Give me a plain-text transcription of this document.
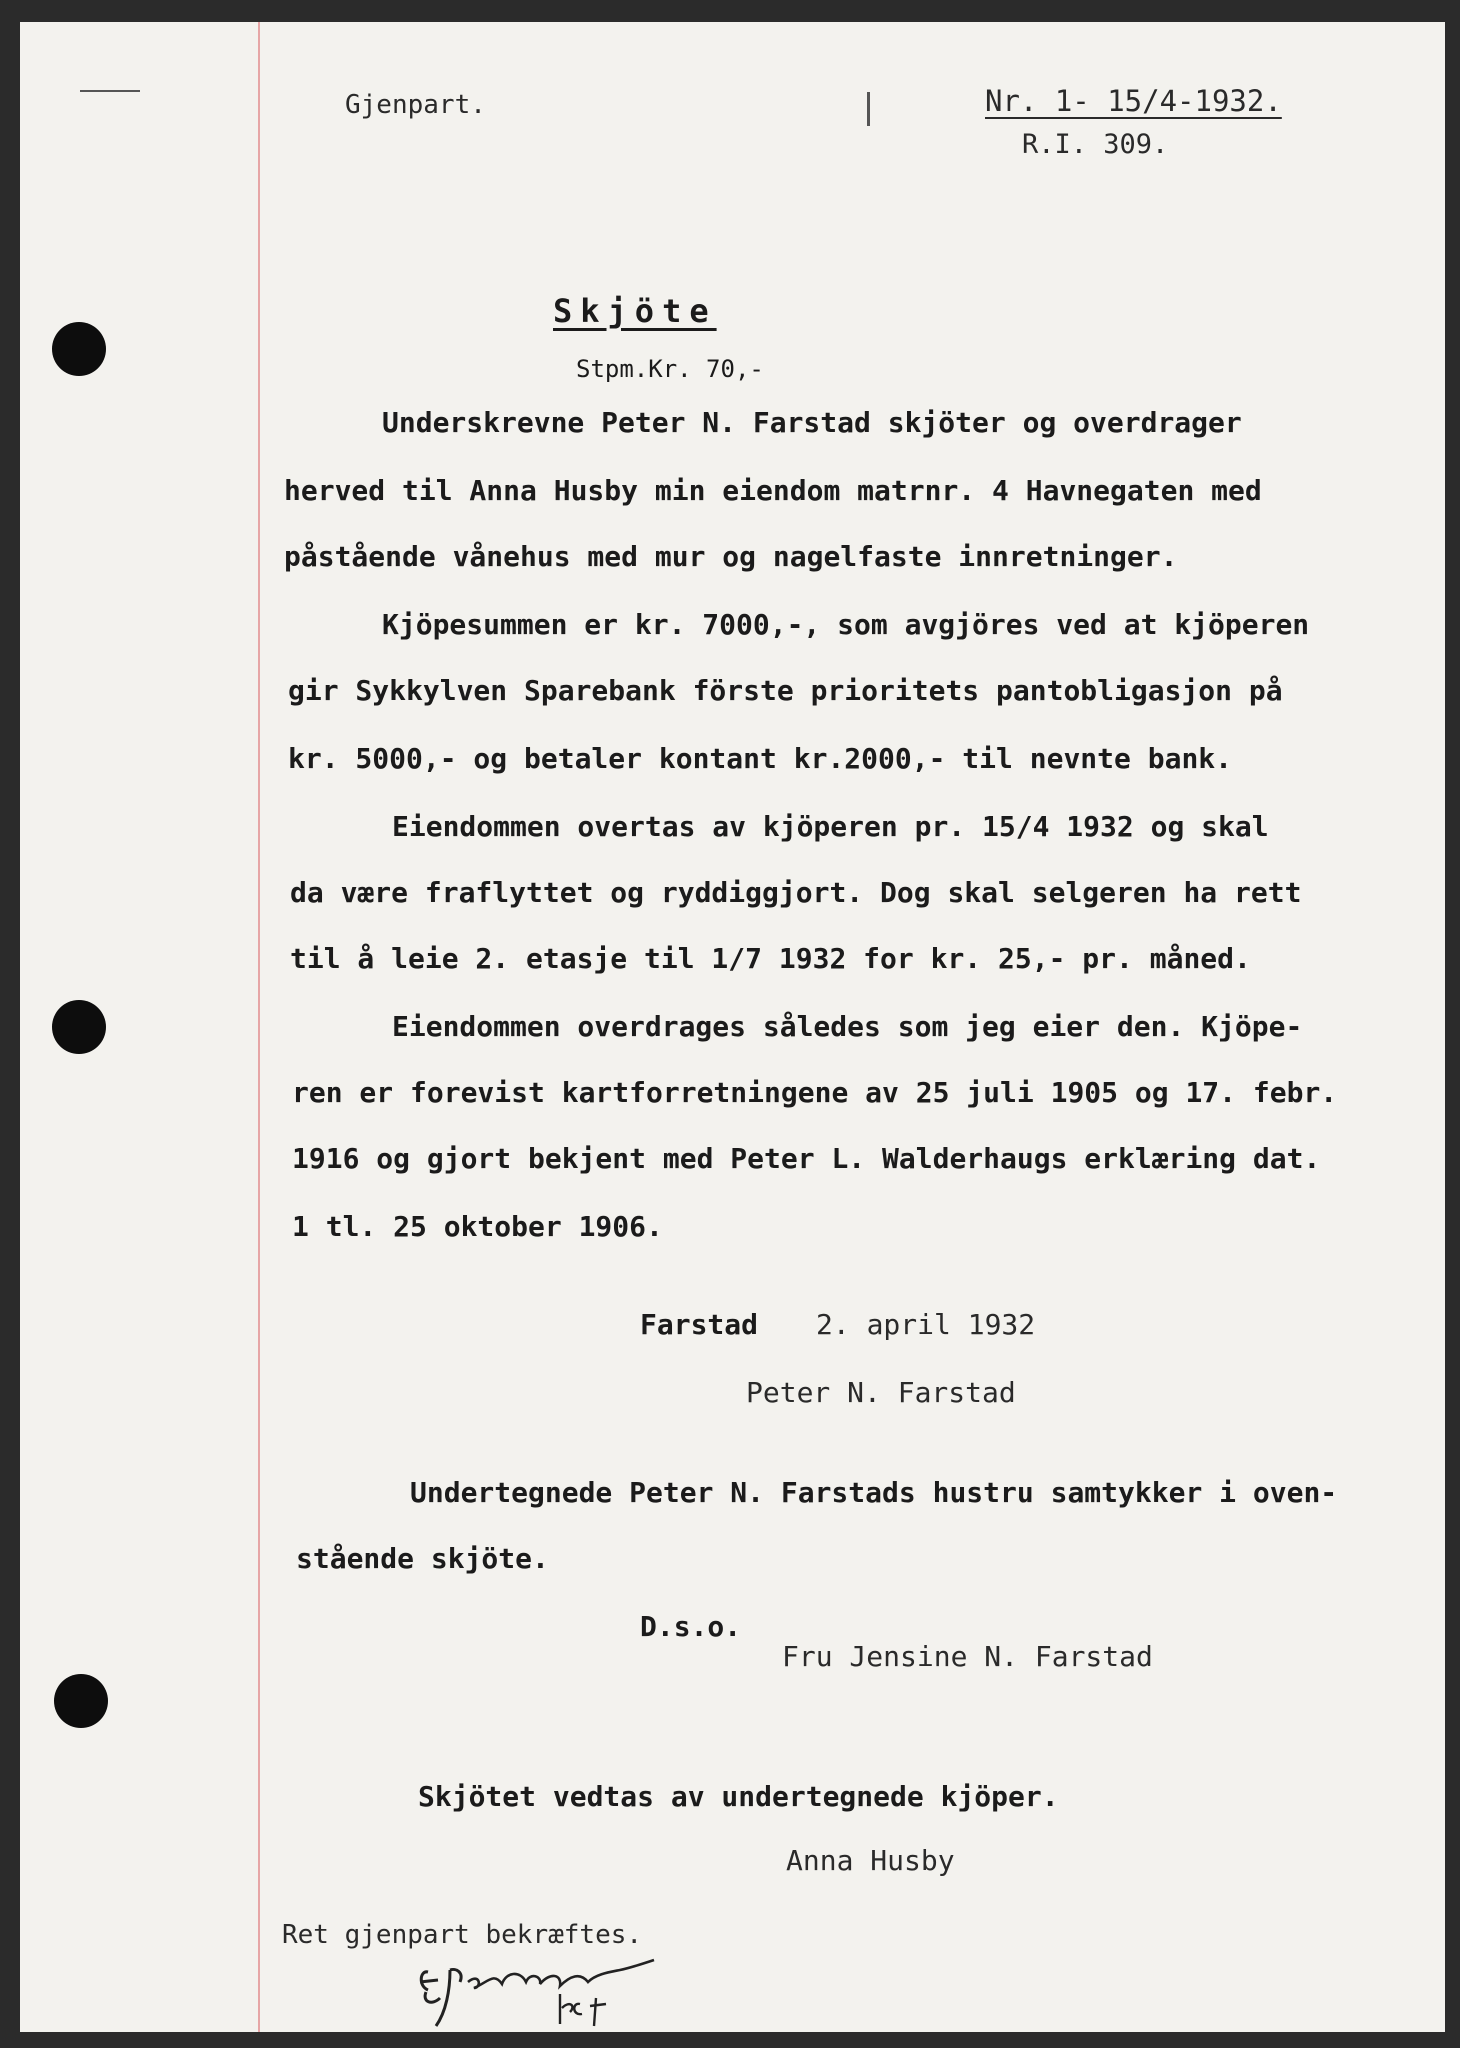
Gjenpart.	Nr. 1- 15/4-1932.
R.I. 309.
Skjöte
Stpm.Kr. 70,-
Underskrevne Peter N. Farstad skjöter og overdrager
herved til Anna Husby min eiendom matrnr. 4 Havnegaten med
påstående vånehus med mur og nagelfaste innretninger.
Kjöpesummen er kr. 7000,-, som avgjöres ved at kjöperen
gir Sykkylven Sparebank förste prioritets pantobligasjon på
kr. 5000,- og betaler kontant kr.2000,- til nevnte bank.
Eiendommen overtas av kjöperen pr. 15/4 1932 og skal
da være fraflyttet og ryddiggjort. Dog skal selgeren ha rett
til å leie 2. etasje til 1/7 1932 for kr. 25,- pr. måned.
Eiendommen overdrages således som jeg eier den. Kjöpe-
ren er forevist kartforretningene av 25 juli 1905 og 17. febr.
1916 og gjort bekjent med Peter L. Walderhaugs erklæring dat.
1 tl. 25 oktober 1906.
Farstad 2. april 1932
Peter N. Farstad
Undertegnede Peter N. Farstads hustru samtykker i oven-
stående skjöte.
D.s.o.
Fru Jensine N. Farstad
Skjötet vedtas av undertegnede kjöper.
Anna Husby
Ret gjenpart bekræftes.
